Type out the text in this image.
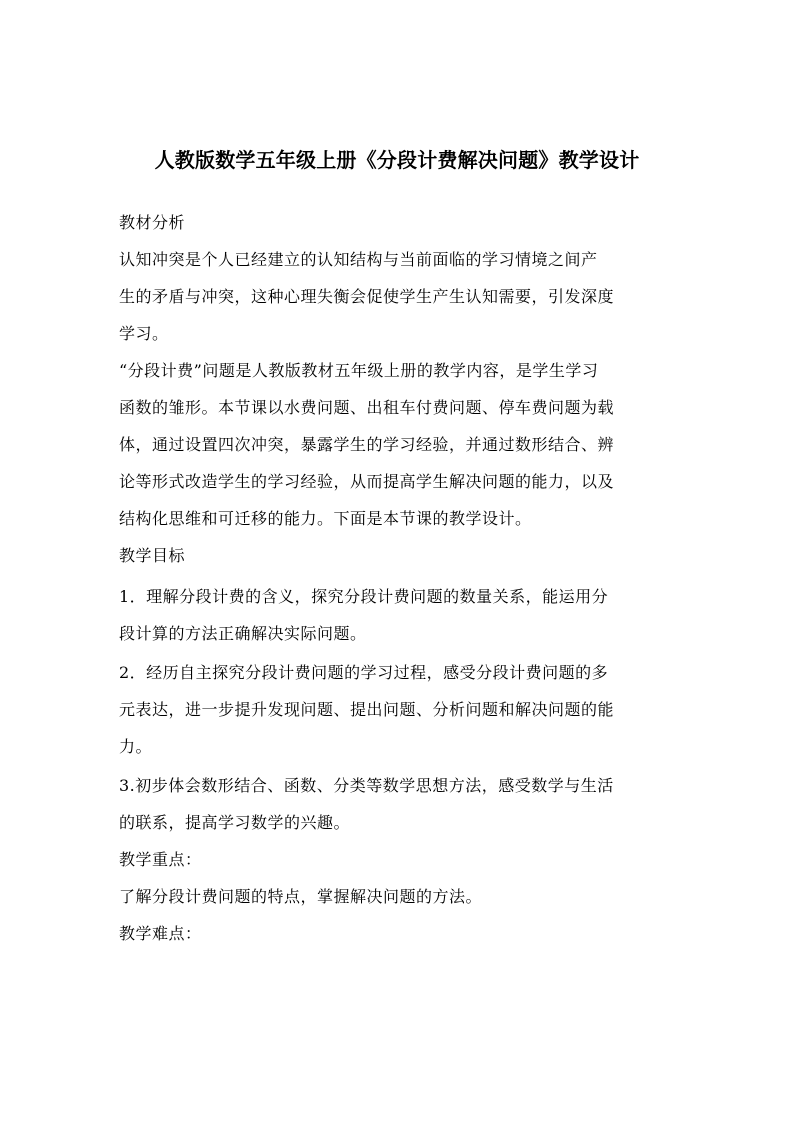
人教版数学五年级上册《分段计费解决问题》教学设计
教材分析
认知冲突是个人已经建立的认知结构与当前面临的学习情境之间产
生的矛盾与冲突，这种心理失衡会促使学生产生认知需要，引发深度
学习。
“分段计费”问题是人教版教材五年级上册的教学内容，是学生学习
函数的雏形。本节课以水费问题、出租车付费问题、停车费问题为载
体，通过设置四次冲突，暴露学生的学习经验，并通过数形结合、辨
论等形式改造学生的学习经验，从而提高学生解决问题的能力，以及
结构化思维和可迁移的能力。下面是本节课的教学设计。
教学目标
1．理解分段计费的含义，探究分段计费问题的数量关系，能运用分
段计算的方法正确解决实际问题。
2．经历自主探究分段计费问题的学习过程，感受分段计费问题的多
元表达，进一步提升发现问题、提出问题、分析问题和解决问题的能
力。
3.初步体会数形结合、函数、分类等数学思想方法，感受数学与生活
的联系，提高学习数学的兴趣。
教学重点：
了解分段计费问题的特点，掌握解决问题的方法。
教学难点：
